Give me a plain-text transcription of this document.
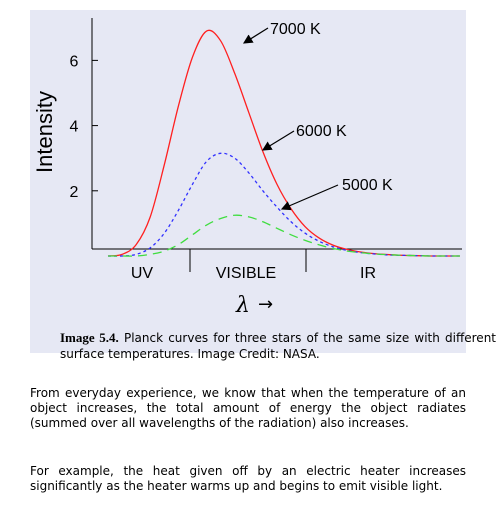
2
4
6
Intensity
UV	VISIBLE	IR
λ →
7000 K
6000 K
5000 K
Image 5.4. Planck curves for three stars of the same size with different surface temperatures. Image Credit: NASA.

From everyday experience, we know that when the temperature of an object increases, the total amount of energy the object radiates (summed over all wavelengths of the radiation) also increases.

For example, the heat given off by an electric heater increases significantly as the heater warms up and begins to emit visible light.
